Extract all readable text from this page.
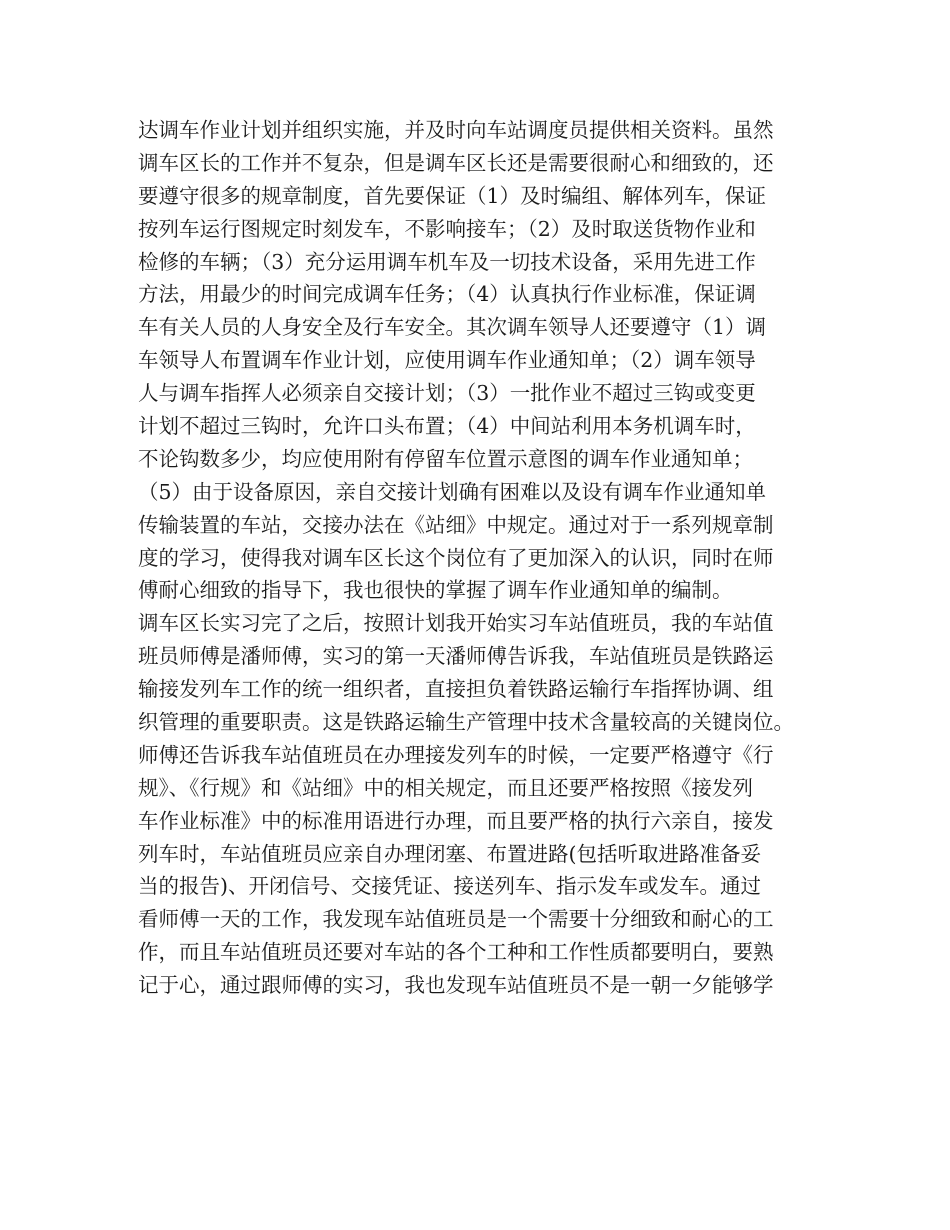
达调车作业计划并组织实施，并及时向车站调度员提供相关资料。虽然
调车区长的工作并不复杂，但是调车区长还是需要很耐心和细致的，还
要遵守很多的规章制度，首先要保证（1）及时编组、解体列车，保证
按列车运行图规定时刻发车，不影响接车；（2）及时取送货物作业和
检修的车辆；（3）充分运用调车机车及一切技术设备，采用先进工作
方法，用最少的时间完成调车任务；（4）认真执行作业标准，保证调
车有关人员的人身安全及行车安全。其次调车领导人还要遵守（1）调
车领导人布置调车作业计划，应使用调车作业通知单；（2）调车领导
人与调车指挥人必须亲自交接计划；（3）一批作业不超过三钩或变更
计划不超过三钩时，允许口头布置；（4）中间站利用本务机调车时，
不论钩数多少，均应使用附有停留车位置示意图的调车作业通知单；
（5）由于设备原因，亲自交接计划确有困难以及设有调车作业通知单
传输装置的车站，交接办法在《站细》中规定。通过对于一系列规章制
度的学习，使得我对调车区长这个岗位有了更加深入的认识，同时在师
傅耐心细致的指导下，我也很快的掌握了调车作业通知单的编制。
调车区长实习完了之后，按照计划我开始实习车站值班员，我的车站值
班员师傅是潘师傅，实习的第一天潘师傅告诉我，车站值班员是铁路运
输接发列车工作的统一组织者，直接担负着铁路运输行车指挥协调、组
织管理的重要职责。这是铁路运输生产管理中技术含量较高的关键岗位。
师傅还告诉我车站值班员在办理接发列车的时候，一定要严格遵守《行
规》、《行规》和《站细》中的相关规定，而且还要严格按照《接发列
车作业标准》中的标准用语进行办理，而且要严格的执行六亲自，接发
列车时，车站值班员应亲自办理闭塞、布置进路(包括听取进路准备妥
当的报告)、开闭信号、交接凭证、接送列车、指示发车或发车。通过
看师傅一天的工作，我发现车站值班员是一个需要十分细致和耐心的工
作，而且车站值班员还要对车站的各个工种和工作性质都要明白，要熟
记于心，通过跟师傅的实习，我也发现车站值班员不是一朝一夕能够学
